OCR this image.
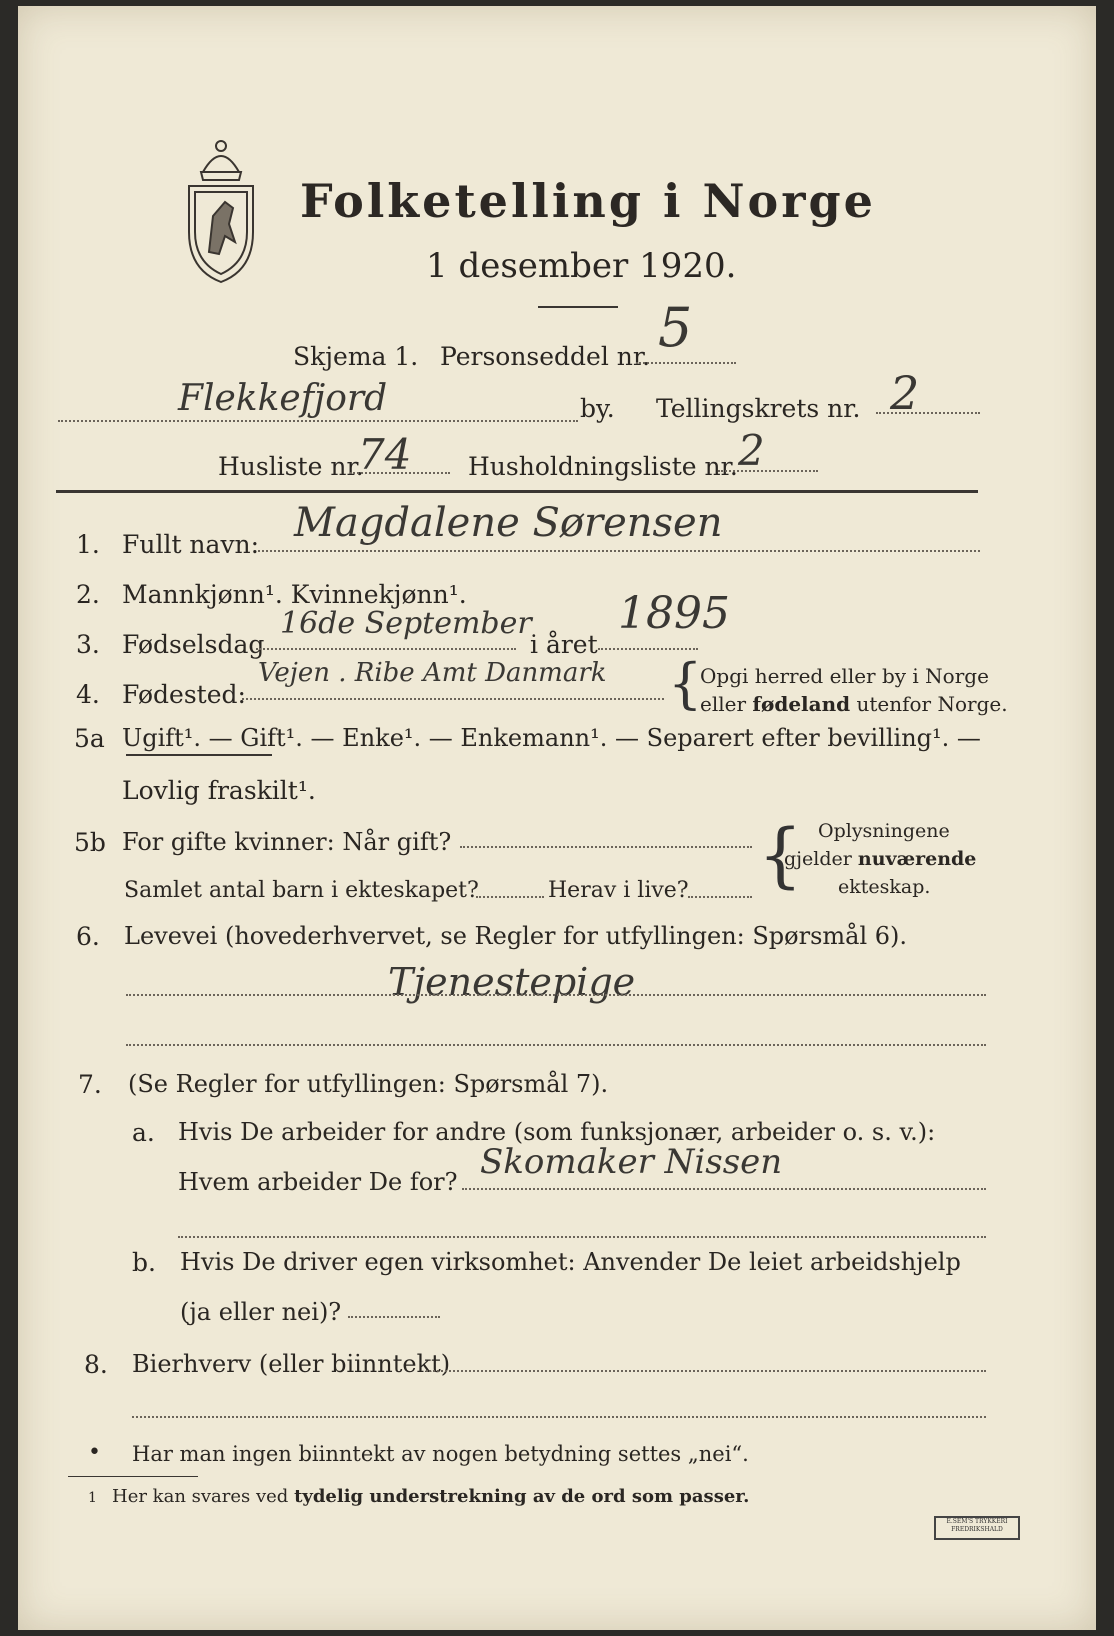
Folketelling i Norge
1 desember 1920.
Skjema 1. Personseddel nr. 5
Flekkefjord	by. Tellingskrets nr. 2
Husliste nr.
74 Husholdningsliste nr. 2
1. Fullt navn: Magdalene Sørensen
2. Mannkjønn¹. Kvinnekjønn¹.
3. Fødselsdag
16de September
i året
1895
4. Fødested:
Vejen . Ribe Amt Danmark {
Opgi herred eller by i Norge
eller fødeland utenfor Norge.
5a Ugift¹. — Gift¹. — Enke¹. — Enkemann¹. — Separert efter bevilling¹. —
Lovlig fraskilt¹.
5b For gifte kvinner: Når gift?
Samlet antal barn i ekteskapet?	Herav i live? { Oplysningene
gjelder nuværende
ekteskap.
6. Levevei (hovederhvervet, se Regler for utfyllingen: Spørsmål 6).
Tjenestepige
7. (Se Regler for utfyllingen: Spørsmål 7).
a. Hvis De arbeider for andre (som funksjonær, arbeider o. s. v.):
Hvem arbeider De for? Skomaker Nissen
b. Hvis De driver egen virksomhet: Anvender De leiet arbeidshjelp
(ja eller nei)?
8. Bierhverv (eller biinntekt)
• Har man ingen biinntekt av nogen betydning settes „nei“.
1 Her kan svares ved tydelig understrekning av de ord som passer.
E.SEM'S TRYKKERI FREDRIKSHALD
